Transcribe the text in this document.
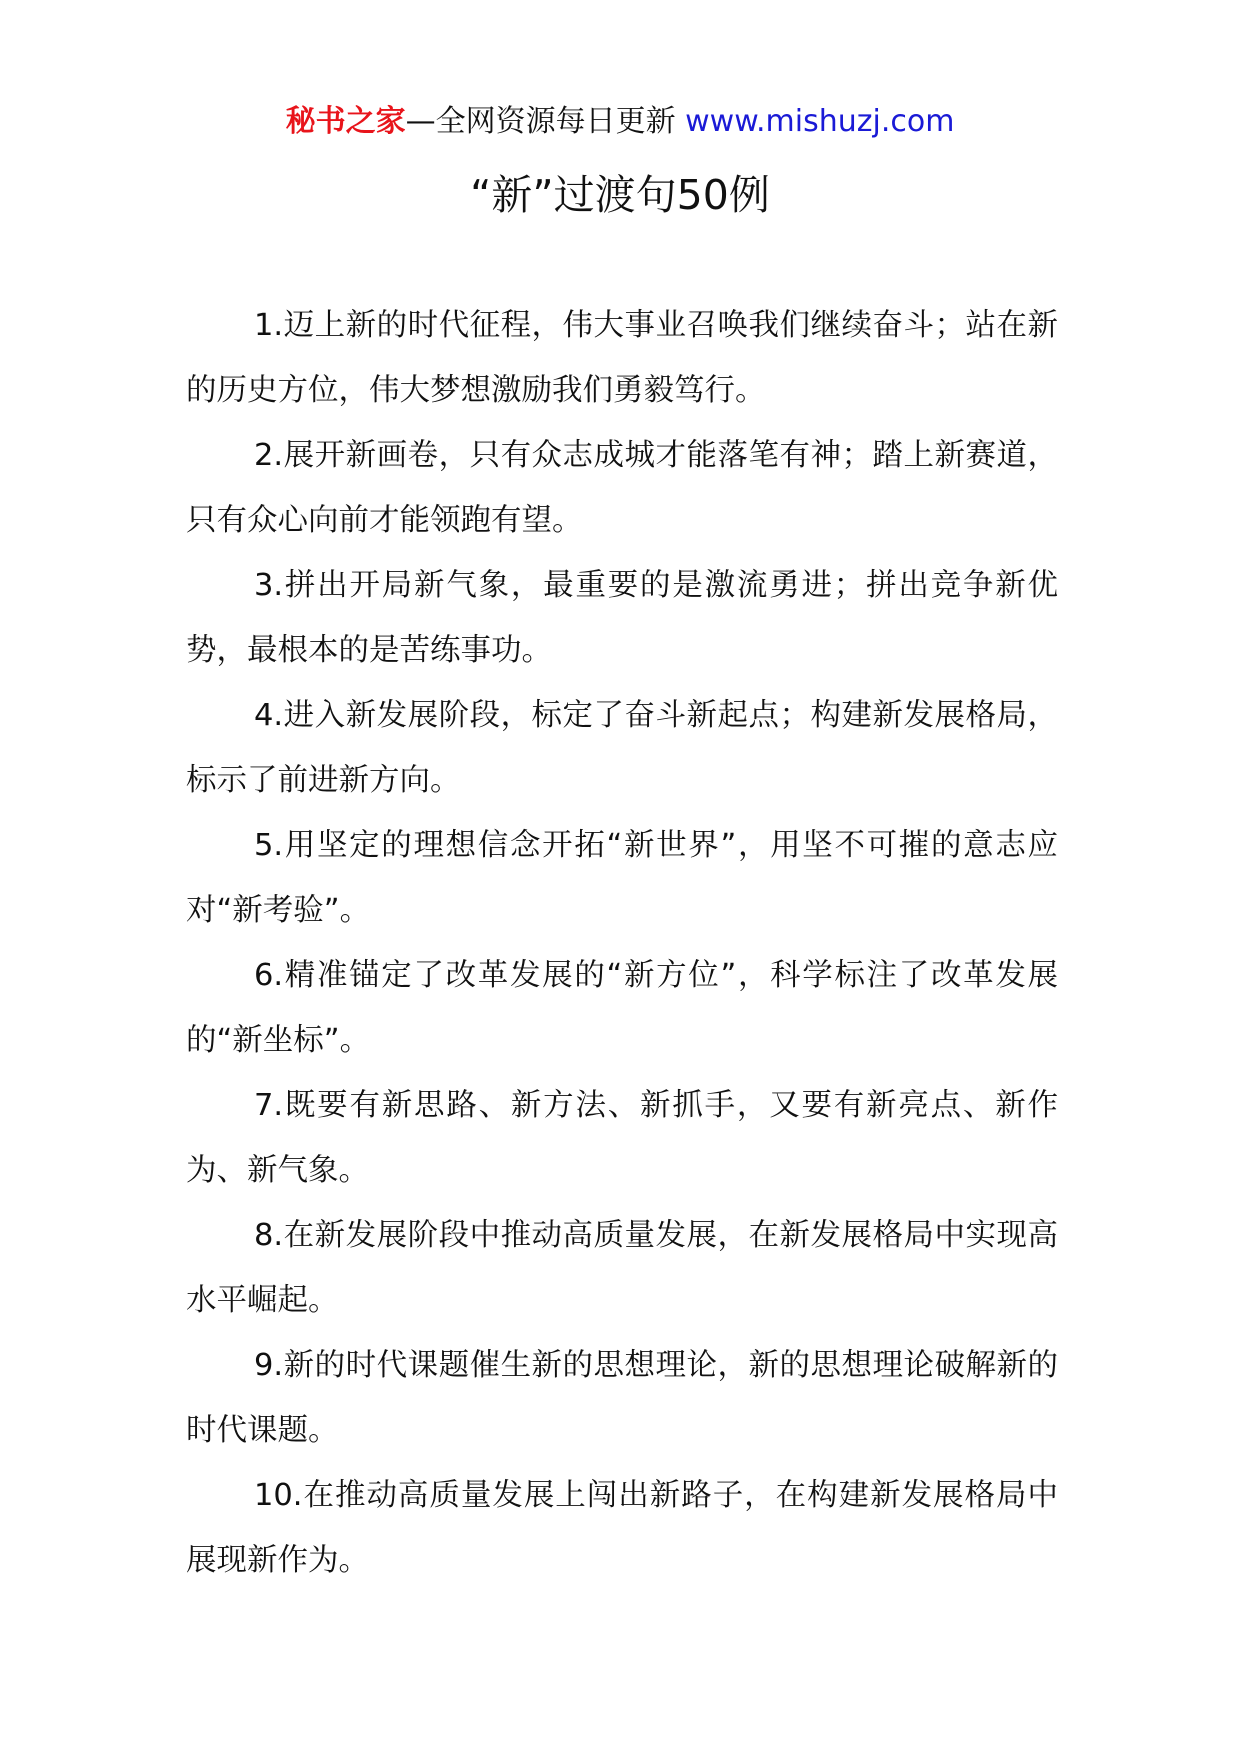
秘书之家—全网资源每日更新 www.mishuzj.com
“新”过渡句50例

1.迈上新的时代征程，伟大事业召唤我们继续奋斗；站在新的历史方位，伟大梦想激励我们勇毅笃行。

2.展开新画卷，只有众志成城才能落笔有神；踏上新赛道，只有众心向前才能领跑有望。

3.拼出开局新气象，最重要的是激流勇进；拼出竞争新优势，最根本的是苦练事功。

4.进入新发展阶段，标定了奋斗新起点；构建新发展格局，标示了前进新方向。

5.用坚定的理想信念开拓“新世界”，用坚不可摧的意志应对“新考验”。

6.精准锚定了改革发展的“新方位”，科学标注了改革发展的“新坐标”。

7.既要有新思路、新方法、新抓手，又要有新亮点、新作为、新气象。

8.在新发展阶段中推动高质量发展，在新发展格局中实现高水平崛起。

9.新的时代课题催生新的思想理论，新的思想理论破解新的时代课题。

10.在推动高质量发展上闯出新路子，在构建新发展格局中展现新作为。
